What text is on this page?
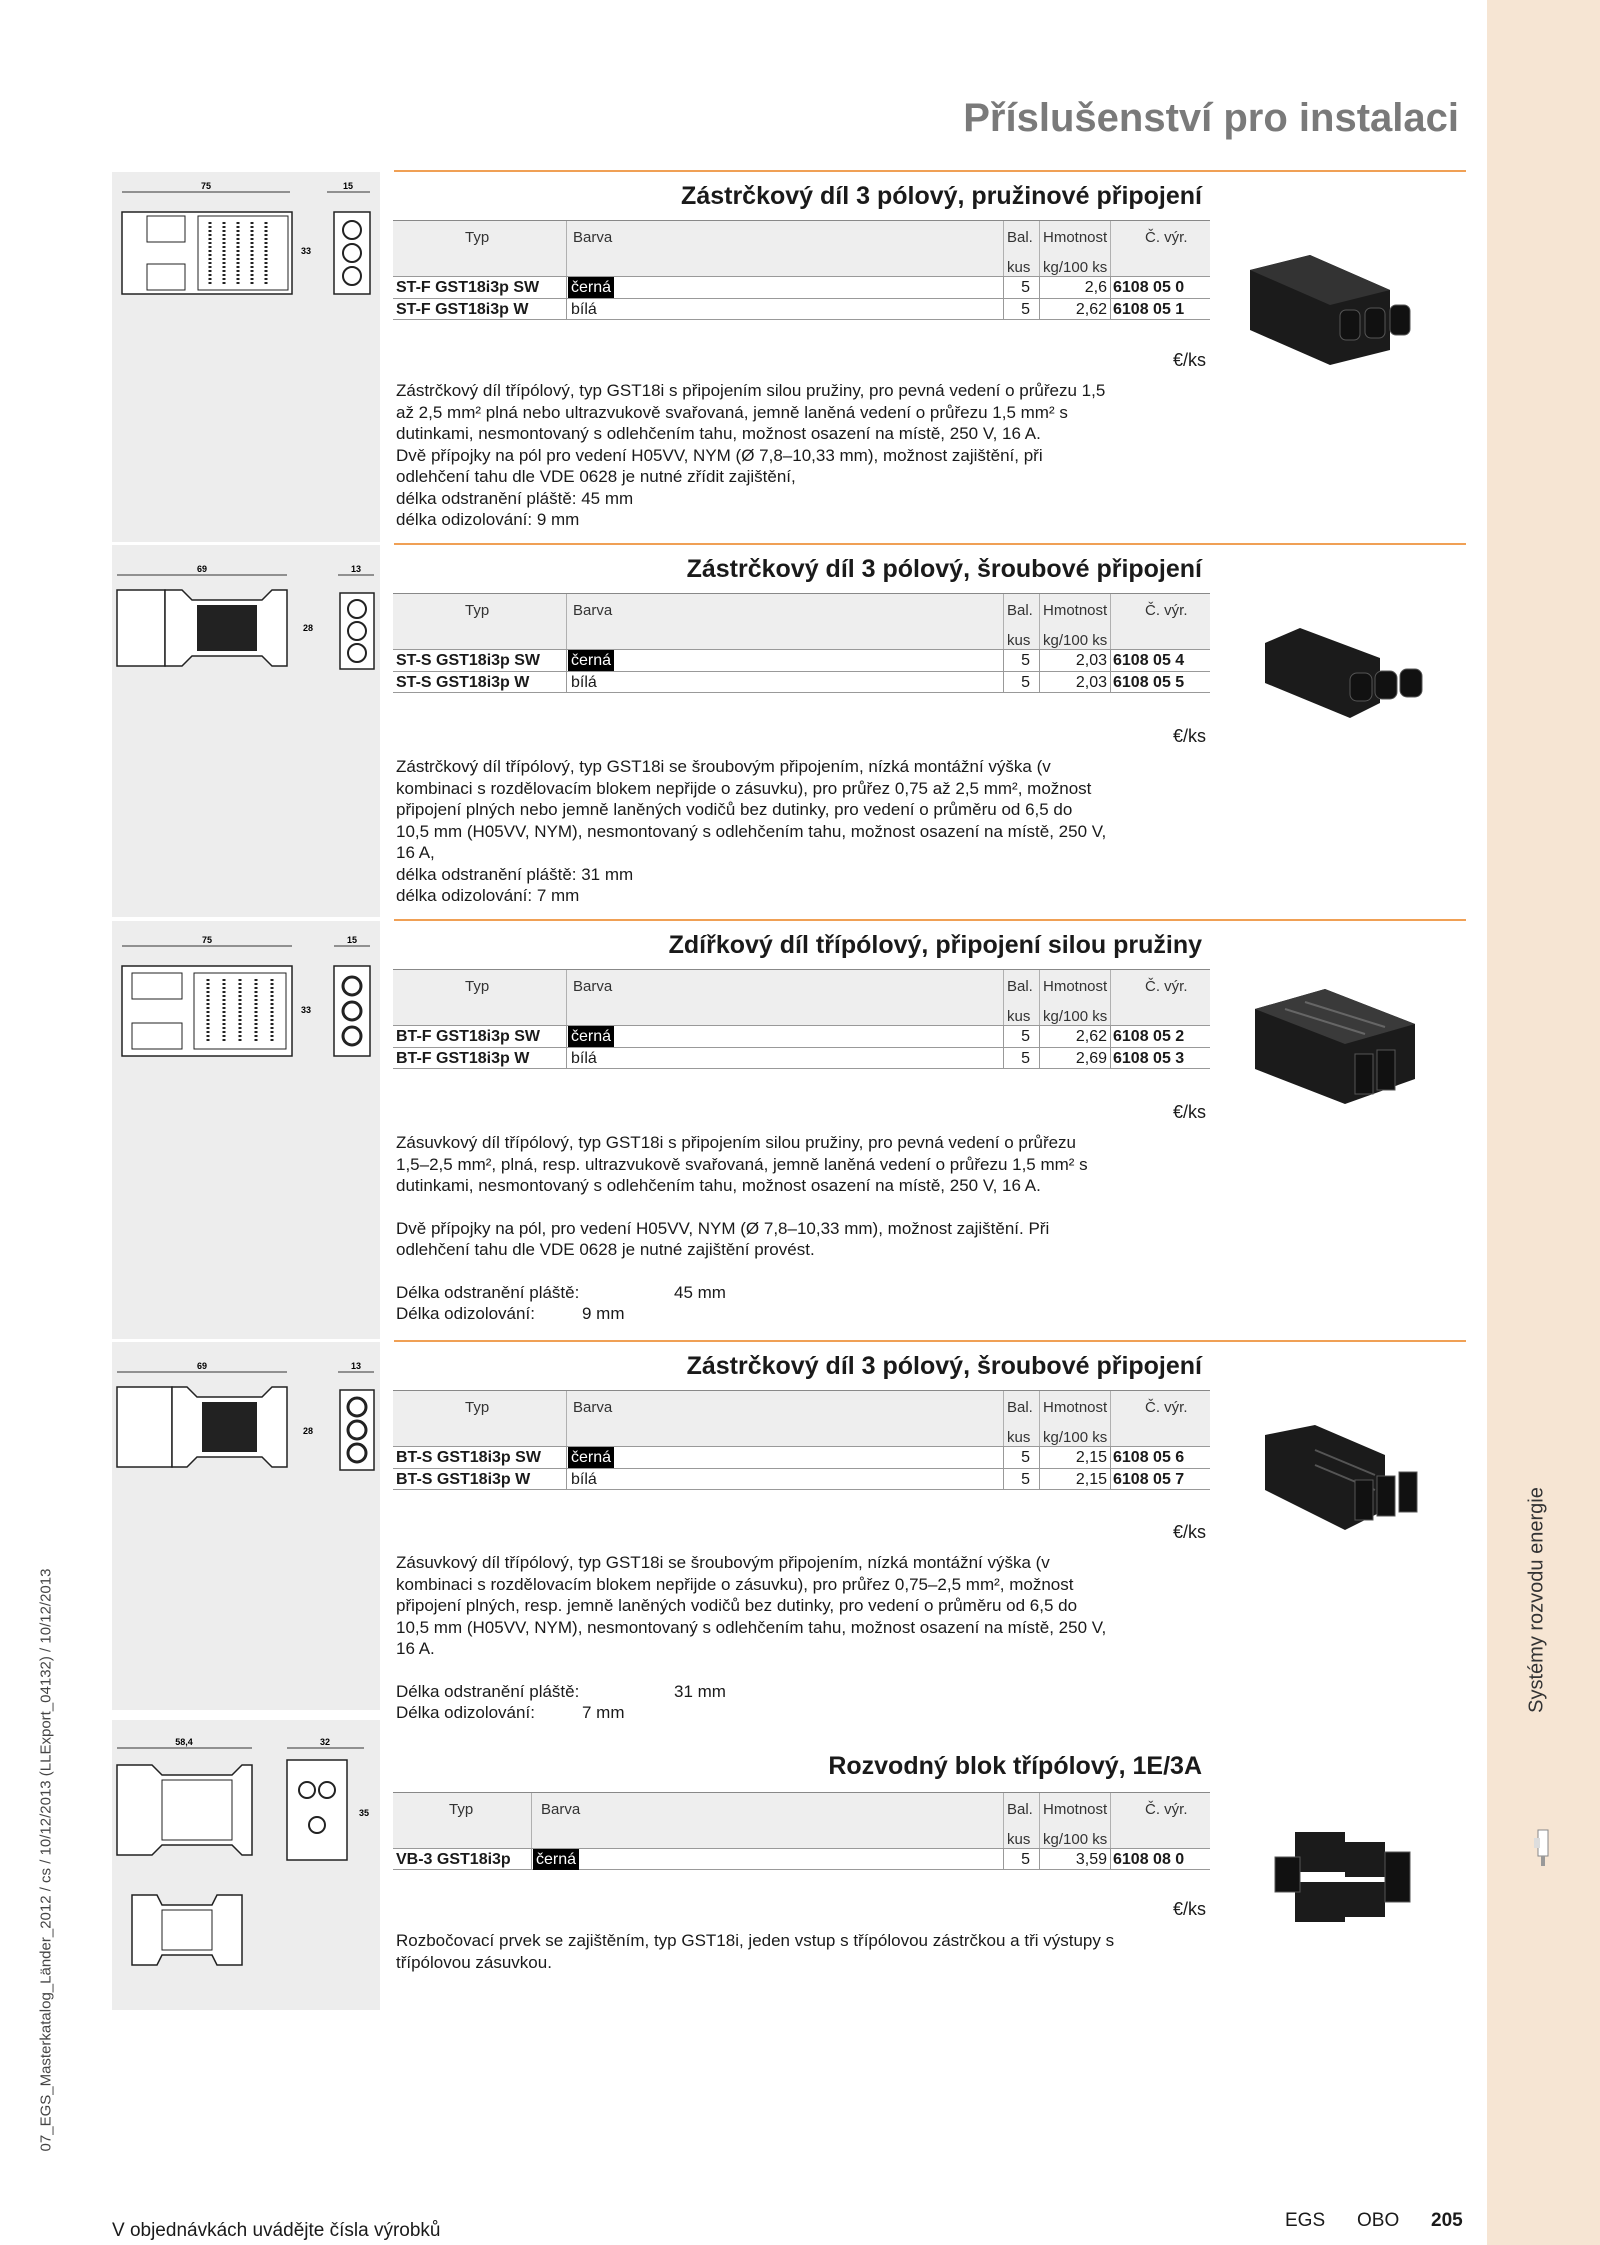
Systémy rozvodu energie
07_EGS_Masterkatalog_Länder_2012 / cs / 10/12/2013 (LLExport_04132) / 10/12/2013
Příslušenství pro instalaci
75	15
33
Zástrčkový díl 3 pólový, pružinové připojení
Typ	Barva	Bal. Hmotnost	Č. výr.
kus kg/100 ks
ST-F GST18i3p SW černá	5	2,6 6108 05 0
ST-F GST18i3p W	bílá	5	2,62 6108 05 1
€/ks

Zástrčkový díl třípólový, typ GST18i s připojením silou pružiny, pro pevná vedení o průřezu 1,5

až 2,5 mm² plná nebo ultrazvukově svařovaná, jemně laněná vedení o průřezu 1,5 mm² s

dutinkami, nesmontovaný s odlehčením tahu, možnost osazení na místě, 250 V, 16 A.

Dvě přípojky na pól pro vedení H05VV, NYM (Ø 7,8–10,33 mm), možnost zajištění, při

odlehčení tahu dle VDE 0628 je nutné zřídit zajištění,

délka odstranění pláště: 45 mm

délka odizolování: 9 mm

69	13
28
Zástrčkový díl 3 pólový, šroubové připojení
Typ	Barva	Bal. Hmotnost	Č. výr.
kus kg/100 ks
ST-S GST18i3p SW černá	5	2,03 6108 05 4
ST-S GST18i3p W	bílá	5	2,03 6108 05 5
€/ks

Zástrčkový díl třípólový, typ GST18i se šroubovým připojením, nízká montážní výška (v

kombinaci s rozdělovacím blokem nepřijde o zásuvku), pro průřez 0,75 až 2,5 mm², možnost

připojení plných nebo jemně laněných vodičů bez dutinky, pro vedení o průměru od 6,5 do

10,5 mm (H05VV, NYM), nesmontovaný s odlehčením tahu, možnost osazení na místě, 250 V,

16 A,

délka odstranění pláště: 31 mm

délka odizolování: 7 mm

75	15
33
Zdířkový díl třípólový, připojení silou pružiny
Typ	Barva	Bal. Hmotnost	Č. výr.
kus kg/100 ks
BT-F GST18i3p SW černá	5	2,62 6108 05 2
BT-F GST18i3p W	bílá	5	2,69 6108 05 3
€/ks

Zásuvkový díl třípólový, typ GST18i s připojením silou pružiny, pro pevná vedení o průřezu

1,5–2,5 mm², plná, resp. ultrazvukově svařovaná, jemně laněná vedení o průřezu 1,5 mm² s

dutinkami, nesmontovaný s odlehčením tahu, možnost osazení na místě, 250 V, 16 A.

Dvě přípojky na pól, pro vedení H05VV, NYM (Ø 7,8–10,33 mm), možnost zajištění. Při

odlehčení tahu dle VDE 0628 je nutné zajištění provést.

Délka odstranění pláště:	45 mm
Délka odizolování:	9 mm
69	13
28
Zástrčkový díl 3 pólový, šroubové připojení
Typ	Barva	Bal. Hmotnost	Č. výr.
kus kg/100 ks
BT-S GST18i3p SW černá	5	2,15 6108 05 6
BT-S GST18i3p W	bílá	5	2,15 6108 05 7
€/ks

Zásuvkový díl třípólový, typ GST18i se šroubovým připojením, nízká montážní výška (v

kombinaci s rozdělovacím blokem nepřijde o zásuvku), pro průřez 0,75–2,5 mm², možnost

připojení plných, resp. jemně laněných vodičů bez dutinky, pro vedení o průměru od 6,5 do

10,5 mm (H05VV, NYM), nesmontovaný s odlehčením tahu, možnost osazení na místě, 250 V,

16 A.

Délka odstranění pláště:	31 mm
Délka odizolování:	7 mm
58,4	32
35
Rozvodný blok třípólový, 1E/3A
Typ	Barva	Bal. Hmotnost	Č. výr.
kus kg/100 ks
VB-3 GST18i3p černá	5	3,59 6108 08 0
€/ks

Rozbočovací prvek se zajištěním, typ GST18i, jeden vstup s třípólovou zástrčkou a tři výstupy s

třípólovou zásuvkou.

V objednávkách uvádějte čísla výrobků	EGS OBO 205
